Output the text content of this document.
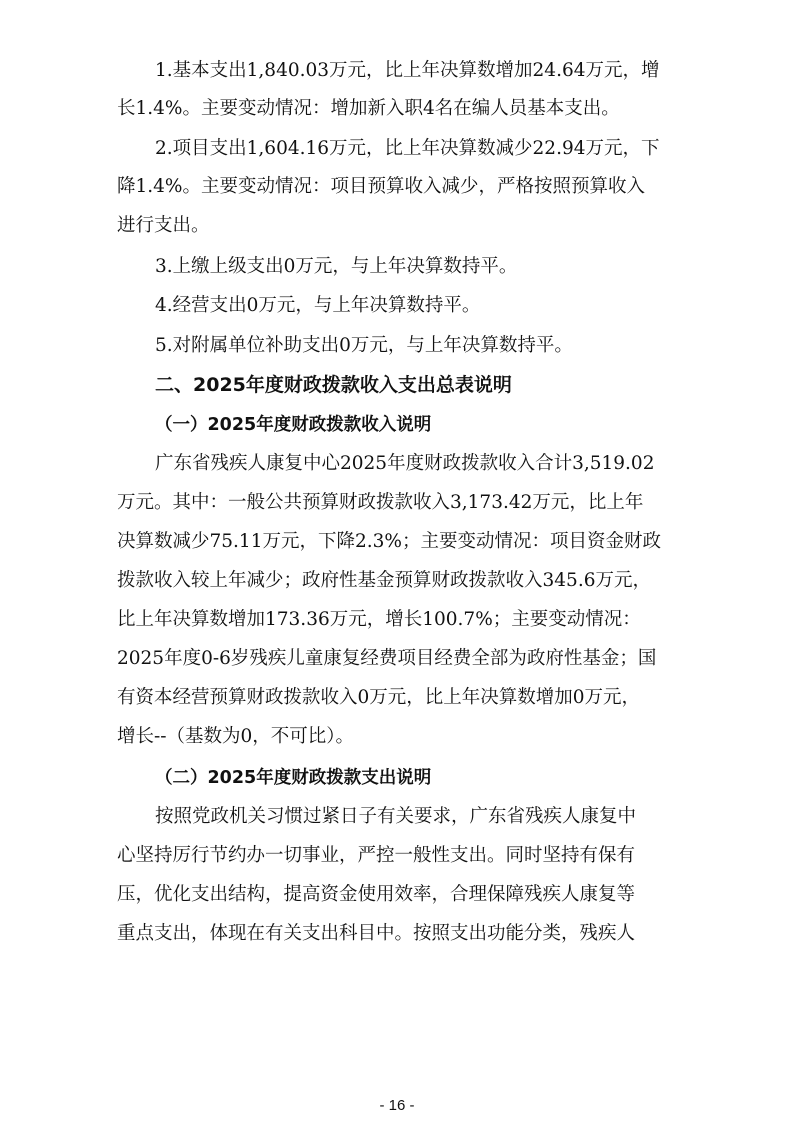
1.基本支出1,840.03万元，比上年决算数增加24.64万元，增

长1.4%。主要变动情况：增加新入职4名在编人员基本支出。

2.项目支出1,604.16万元，比上年决算数减少22.94万元，下

降1.4%。主要变动情况：项目预算收入减少，严格按照预算收入

进行支出。

3.上缴上级支出0万元，与上年决算数持平。

4.经营支出0万元，与上年决算数持平。

5.对附属单位补助支出0万元，与上年决算数持平。

二、2025年度财政拨款收入支出总表说明
（一）2025年度财政拨款收入说明

广东省残疾人康复中心2025年度财政拨款收入合计3,519.02

万元。其中：一般公共预算财政拨款收入3,173.42万元，比上年

决算数减少75.11万元，下降2.3%；主要变动情况：项目资金财政

拨款收入较上年减少；政府性基金预算财政拨款收入345.6万元，

比上年决算数增加173.36万元，增长100.7%；主要变动情况：

2025年度0-6岁残疾儿童康复经费项目经费全部为政府性基金；国

有资本经营预算财政拨款收入0万元，比上年决算数增加0万元，

增长--（基数为0，不可比）。

（二）2025年度财政拨款支出说明

按照党政机关习惯过紧日子有关要求，广东省残疾人康复中

心坚持厉行节约办一切事业，严控一般性支出。同时坚持有保有

压，优化支出结构，提高资金使用效率，合理保障残疾人康复等

重点支出，体现在有关支出科目中。按照支出功能分类，残疾人

- 16 -
